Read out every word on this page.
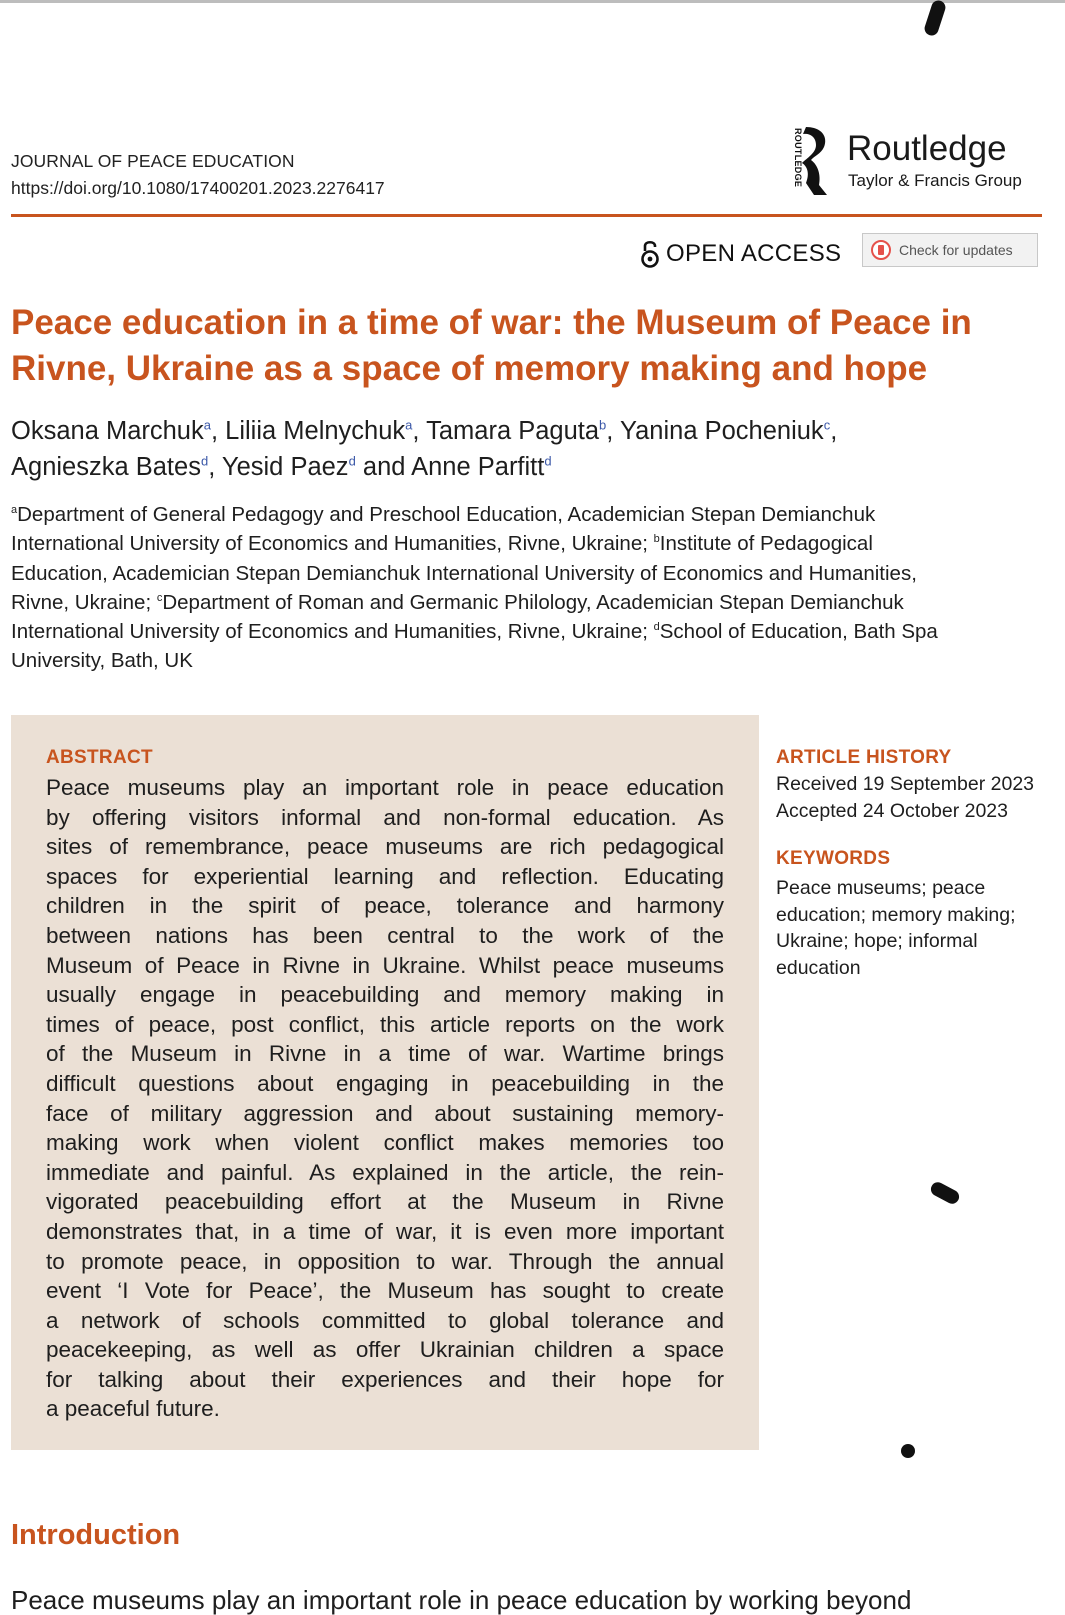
JOURNAL OF PEACE EDUCATION
https://doi.org/10.1080/17400201.2023.2276417
ROUTLEDGE Routledge
Taylor & Francis Group
OPEN ACCESS	Check for updates
Peace education in a time of war: the Museum of Peace in
Rivne, Ukraine as a space of memory making and hope
Oksana Marchuk$^a$, Liliia Melnychuk$^a$, Tamara Paguta$^b$, Yanina Pocheniuk$^c$,
Agnieszka Bates$^d$, Yesid Paez$^d$ and Anne Parfitt$^d$
$^a$Department of General Pedagogy and Preschool Education, Academician Stepan Demianchuk
International University of Economics and Humanities, Rivne, Ukraine; $^b$Institute of Pedagogical
Education, Academician Stepan Demianchuk International University of Economics and Humanities,
Rivne, Ukraine; $^c$Department of Roman and Germanic Philology, Academician Stepan Demianchuk
International University of Economics and Humanities, Rivne, Ukraine; $^d$School of Education, Bath Spa
University, Bath, UK
ABSTRACT
Peace museums play an important role in peace education
by offering visitors informal and non-formal education. As
sites of remembrance, peace museums are rich pedagogical
spaces for experiential learning and reflection. Educating
children in the spirit of peace, tolerance and harmony
between nations has been central to the work of the
Museum of Peace in Rivne in Ukraine. Whilst peace museums
usually engage in peacebuilding and memory making in
times of peace, post conflict, this article reports on the work
of the Museum in Rivne in a time of war. Wartime brings
difficult questions about engaging in peacebuilding in the
face of military aggression and about sustaining memory-
making work when violent conflict makes memories too
immediate and painful. As explained in the article, the rein-
vigorated peacebuilding effort at the Museum in Rivne
demonstrates that, in a time of war, it is even more important
to promote peace, in opposition to war. Through the annual
event ‘I Vote for Peace’, the Museum has sought to create
a network of schools committed to global tolerance and
peacekeeping, as well as offer Ukrainian children a space
for talking about their experiences and their hope for
a peaceful future.
ARTICLE HISTORY
Received 19 September 2023
Accepted 24 October 2023
KEYWORDS
Peace museums; peace
education; memory making;
Ukraine; hope; informal
education
Introduction
Peace museums play an important role in peace education by working beyond
